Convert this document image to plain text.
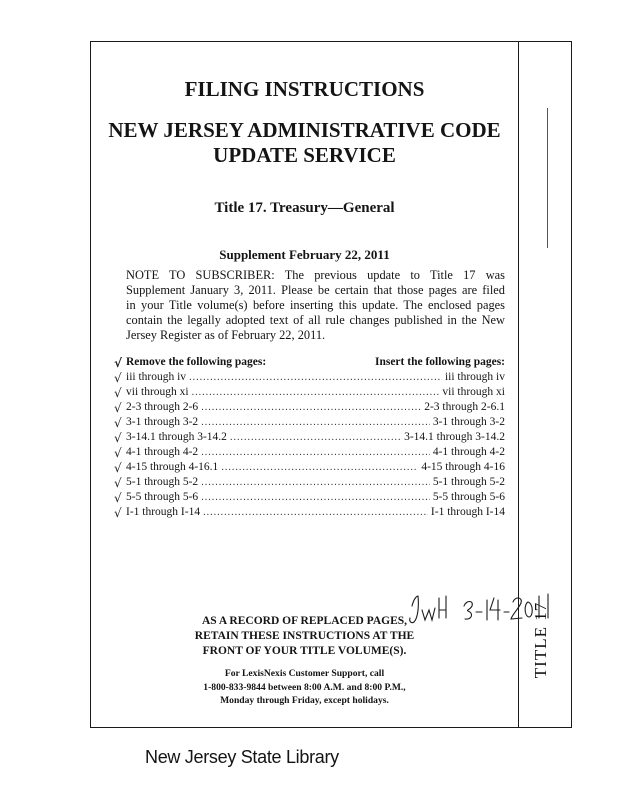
TITLE 17
FILING INSTRUCTIONS
NEW JERSEY ADMINISTRATIVE CODE
UPDATE SERVICE
Title 17. Treasury—General
Supplement February 22, 2011
NOTE TO SUBSCRIBER: The previous update to Title 17 was
Supplement January 3, 2011. Please be certain that those pages are filed
in your Title volume(s) before inserting this update. The enclosed pages
contain the legally adopted text of all rule changes published in the New
Jersey Register as of February 22, 2011.
√ Remove the following pages:	Insert the following pages:
√ iii through iv .....	iii through iv
√ vii through xi .....	vii through xi
√ 2-3 through 2-6 .....	2-3 through 2-6.1
√ 3-1 through 3-2 .....	3-1 through 3-2
√ 3-14.1 through 3-14.2 .....	3-14.1 through 3-14.2
√ 4-1 through 4-2 .....	4-1 through 4-2
√ 4-15 through 4-16.1 .....	4-15 through 4-16
√ 5-1 through 5-2 .....	5-1 through 5-2
√ 5-5 through 5-6 .....	5-5 through 5-6
√ I-1 through I-14 .....	I-1 through I-14
AS A RECORD OF REPLACED PAGES,
RETAIN THESE INSTRUCTIONS AT THE
FRONT OF YOUR TITLE VOLUME(S).
For LexisNexis Customer Support, call
1-800-833-9844 between 8:00 A.M. and 8:00 P.M.,
Monday through Friday, except holidays.
New Jersey State Library
